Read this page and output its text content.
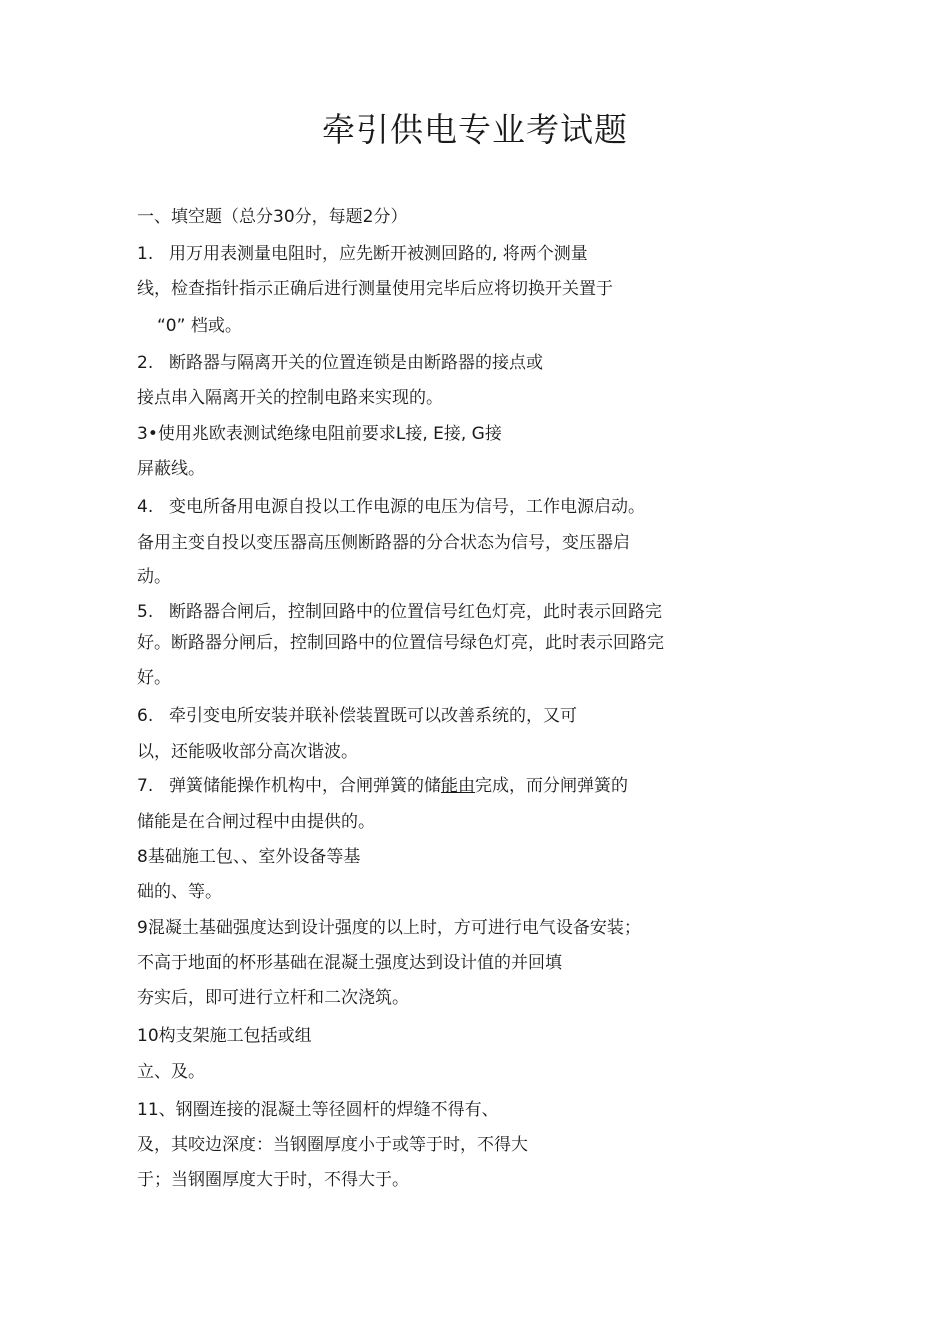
牵引供电专业考试题
一、填空题（总分30分，每题2分）
1. 用万用表测量电阻时，应先断开被测回路的, 将两个测量
线，检查指针指示正确后进行测量使用完毕后应将切换开关置于
“0” 档或。
2. 断路器与隔离开关的位置连锁是由断路器的接点或
接点串入隔离开关的控制电路来实现的。
3•使用兆欧表测试绝缘电阻前要求L接, E接, G接
屏蔽线。
4. 变电所备用电源自投以工作电源的电压为信号，工作电源启动。
备用主变自投以变压器高压侧断路器的分合状态为信号，变压器启
动。
5. 断路器合闸后，控制回路中的位置信号红色灯亮，此时表示回路完
好。断路器分闸后，控制回路中的位置信号绿色灯亮，此时表示回路完
好。
6. 牵引变电所安装并联补偿装置既可以改善系统的，又可
以，还能吸收部分高次谐波。
7. 弹簧储能操作机构中，合闸弹簧的储能由完成，而分闸弹簧的
储能是在合闸过程中由提供的。
8基础施工包、、室外设备等基
础的、等。
9混凝土基础强度达到设计强度的以上时，方可进行电气设备安装；
不高于地面的杯形基础在混凝土强度达到设计值的并回填
夯实后，即可进行立杆和二次浇筑。
10构支架施工包括或组
立、及。
11、钢圈连接的混凝土等径圆杆的焊缝不得有、
及，其咬边深度：当钢圈厚度小于或等于时，不得大
于；当钢圈厚度大于时，不得大于。
